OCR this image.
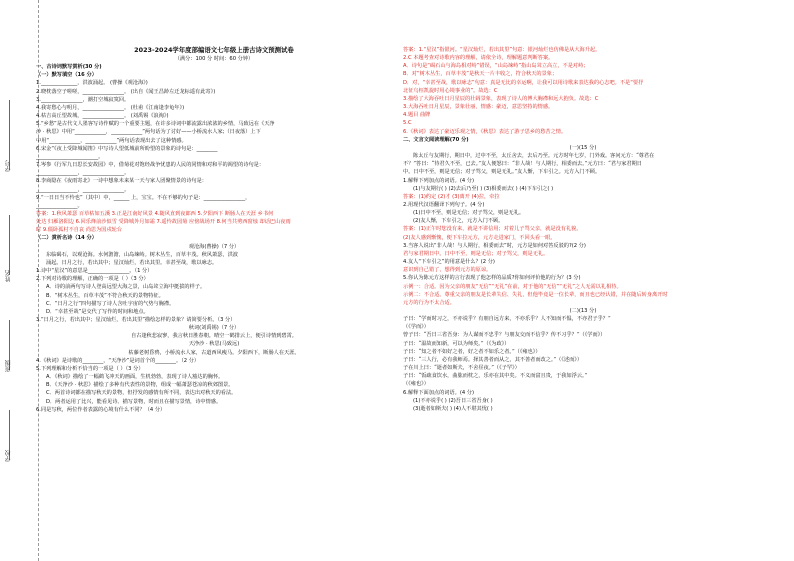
学号
姓名
班级
学校
2023-2024学年度部编语文七年级上册古诗文预测试卷
（满分：100 分 时间：60 分钟）
一、古诗词默写赏析(30 分)
（一）默写填空（16 分）
1.______________，洪波涌起。 (曹操《观沧海》)
2.晓枕落空子嗟嗟，________________。 (出自《闻王昌龄左迁龙标遥有此寄》)
3.________________，潮打空城寂寞回。
4.我寄愁心与明月，________________。 (杜甫《江南逢李龟年》)
4.枯吉高丘望故城，________________。 (刘禹锡《浪淘》)
5.“乡愁”是古代文人墨客写诗作赋的一个重要主题，在许多诗词中都流露出浓浓的乡情，马致远在《天净
沙 · 秋思》中用“____________，____________”两句话为了讨好——小桥流水人家;（日夜落）上下
中用“____________，____________”两句话表现出去了这种情感。
6.宋金“《夜上受降城闻笛》中写诗人望低城前所盼望的景象的诗句是：________
________________________。
7.岑参《行军九日思长安故园》中，借菊花对饱经战争忧患的人民的同情和对和平的渴望的诗句是：
________________，________________。
8.李商隐在《夜雨寄北》一诗中想象未来某一天与家人团聚情景的诗句是：
________________，________________。
9.“一日日当不怜也”（其中）中，______ 上，宝宝。不在不够的句子是：________________，
________________。
答案：1.秋风萧瑟 百草枯如五溪 3.正是江南好风景 4.随风直到夜郎西 5.夕阳西下 断肠人在天涯 乡书何
处达 归雁洛阳边 6.回乐烽前沙似雪 受降城外月如霜 7.遥怜故园菊 应傍战场开 8.何当共剪西窗烛 却话巴山夜雨
时 9.僵卧孤村不自哀 尚思为国戍轮台
（二）赏析名诗（14 分）
观沧海(曹操)（7 分）
东临碣石，以观沧海。水何澹澹，山岛竦峙。树木丛生，百草丰茂。秋风萧瑟，洪波
涌起。日月之行，若出其中；星汉灿烂，若出其里。幸甚至哉，歌以咏志。
1.诗中“星汉”的意思是________________。（1 分）
2.下列对诗歌的理解，正确的一项是（ ）（3 分）
A．诗的前两句写诗人登高远望大海之景，山岛耸立海中挺拔的样子。
B．“树木丛生，百草丰茂”不符合秋天的景物特征。
C．“日月之行”四句描写了诗人含吐宇宙的气势与胸襟。
D．“幸甚至哉”是交代了写作的时间和地点。
3.“日月之行，若出其中；星汉灿烂，若出其里”描绘怎样的景象？请简要分析。（3 分）
秋词(刘禹锡)（7 分）
自古逢秋悲寂寥，我言秋日胜春朝。晴空一鹤排云上，便引诗情到碧霄。
天净沙 · 秋思(马致远)
枯藤老树昏鸦，小桥流水人家，古道西风瘦马。夕阳西下，断肠人在天涯。
4.《秋词》是诗歌的________，“天净沙”是词首个的________。（2 分）
5.下列理解和分析不恰当的一项是（ ）（3 分）
A．《秋词》描绘了一幅鹤飞冲天的画面，生机勃勃，表现了诗人豁达的胸怀。
B．《天净沙 · 秋思》描绘了多种有代表性的景物，组成一幅萧瑟苍凉的秋郊图景。
C．两首诗词都在描写秋天的景物，但抒发的感情有所不同，表达出对秋天的看法。
D．两者运用了比兴，能看见诗、描写景物，时而且在描写景情，诗中情感。
6.同是写秋，两位作者表露的心境有什么不同？（4 分）
答案：1.“星汉”指银河。“星汉灿烂，若出其里”句意：银河灿烂也仿佛是从大海升起。
2.C 本题考查对诗歌内容的理解，请依全诗，理解题意判断答案。
A．诗句是“碣石山与海岛相对峙”错误，“山岛竦峙”指山岛耸立高立，不是对峙；
B．对“树木丛生，百草丰茂”是秋天一片丰收之，符合秋天的景象；
D．对，“幸甚至哉，歌以咏志”句意：真是无比的幸运啊，让我可以用诗歌来表达我的心志吧。不是“要抒
北征乌桓凯旋时用心境事业的”。故选：C
3.描绘了大海吞吐日月星辰的壮阔景象，表现了诗人的博大胸襟和远大抱负。故选：C
3.大海吞吐日月星辰，景象壮丽，情感：豪迈，意思坚持的情感。
4.题目 曲牌
5.C
6.《秋词》表达了豪迈乐观之情，《秋思》表达了游子思乡的愁苦之情。
二、文言文阅读理解(70 分)
(一)(15 分)
陈太丘与友期行，期日中，过中不至，太丘舍去，去后乃至。元方时年七岁，门外戏。客问元方：“尊君在
不？”答曰：“待君久不至，已去。”友人便怒曰：“非人哉！与人期行，相委而去。”元方曰：“君与家君期日
中。日中不至，则是无信；对子骂父，则是无礼。”友人惭，下车引之。元方入门不顾。
1.解释下列加点的词语。(4 分)
(1)与友期行( ) (2)去后乃至( ) (3)相委而去( ) (4)下车引之( )
答案：(1)约定 (2)才 (3)离开 (4)拉，牵拉
2.用现代汉语翻译下列句子。(4 分)
(1)日中不至，则是无信；对子骂父，则是无礼。
(2)友人惭，下车引之，元方入门不顾。
答案：(1)正午时您没有来，就是不讲信用；对着儿子骂父亲，就是没有礼貌。
(2)友人感到惭愧，便下车拉元方，元方走进家门，不回头看一眼。
3.当客人说出“非人哉！与人期行，相委而去”时，元方是如何对答反驳的?(2 分)
君与家君期日中。日中不至，则是无信；对子骂父，则是无礼。
4.友人“下车引之”的用意是什么？(2 分)
意识到自己错了，想得到元方的原谅。
5.你认为陈元方这样的言行表现了他怎样的品质?你如何评价他的行为？(3 分)
示例一：合适。因为父亲的朋友“无信”“无礼”在前，对于他的“无信”“无礼”之人无需以礼相待。
示例二：不合适。尊重父亲的朋友是长辈失信、失礼，但他毕竟是一位长辈，而且也已经认错，并在随后转身离开时
元方的行为不太合适。
(二)(13 分)
子曰：“学而时习之，不亦说乎？有朋自远方来，不亦乐乎？人不知而不愠，不亦君子乎？”
（《学而》）
曾子曰：“吾日三省吾身：为人谋而不忠乎？与朋友交而不信乎？传不习乎？”（《学而》）
子曰：“温故而知新，可以为师矣。”（《为政》）
子曰：“知之者不如好之者，好之者不如乐之者。”（《雍也》）
子曰：“三人行，必有我师焉。择其善者而从之，其不善者而改之。”（《述而》）
子在川上曰：“逝者如斯夫，不舍昼夜。”（《子罕》）
子曰：“饭疏食饮水，曲肱而枕之，乐亦在其中矣。不义而富且贵，于我如浮云。”
（《雍也》）
6.解释下面加点的词语。(4 分)
(1)不亦说乎( ) (2)吾日三省吾身( )
(3)逝者如斯夫( ) (4)人不堪其忧( )
